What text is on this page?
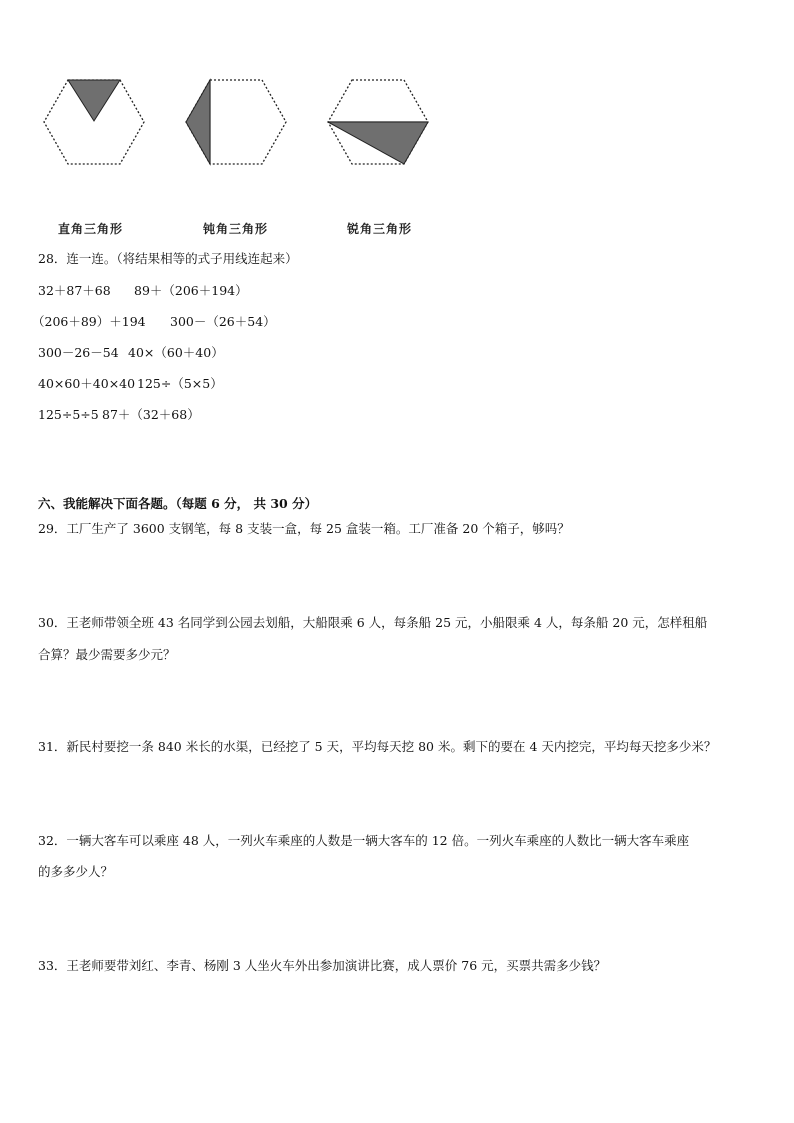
直角三角形	钝角三角形	锐角三角形
28．连一连。（将结果相等的式子用线连起来）
32＋87＋68 89＋（206＋194）
（206＋89）＋194 300－（26＋54）
300－26－54 40×（60＋40）
40×60＋40×40 125÷（5×5）
125÷5÷5 87＋（32＋68）
六、我能解决下面各题。（每题 6 分， 共 30 分）
29．工厂生产了 3600 支钢笔，每 8 支装一盒，每 25 盒装一箱。工厂准备 20 个箱子，够吗？
30．王老师带领全班 43 名同学到公园去划船，大船限乘 6 人，每条船 25 元，小船限乘 4 人，每条船 20 元，怎样租船
合算？最少需要多少元？
31．新民村要挖一条 840 米长的水渠，已经挖了 5 天，平均每天挖 80 米。剩下的要在 4 天内挖完，平均每天挖多少米？
32．一辆大客车可以乘座 48 人，一列火车乘座的人数是一辆大客车的 12 倍。一列火车乘座的人数比一辆大客车乘座
的多多少人？
33．王老师要带刘红、李青、杨刚 3 人坐火车外出参加演讲比赛，成人票价 76 元，买票共需多少钱？
